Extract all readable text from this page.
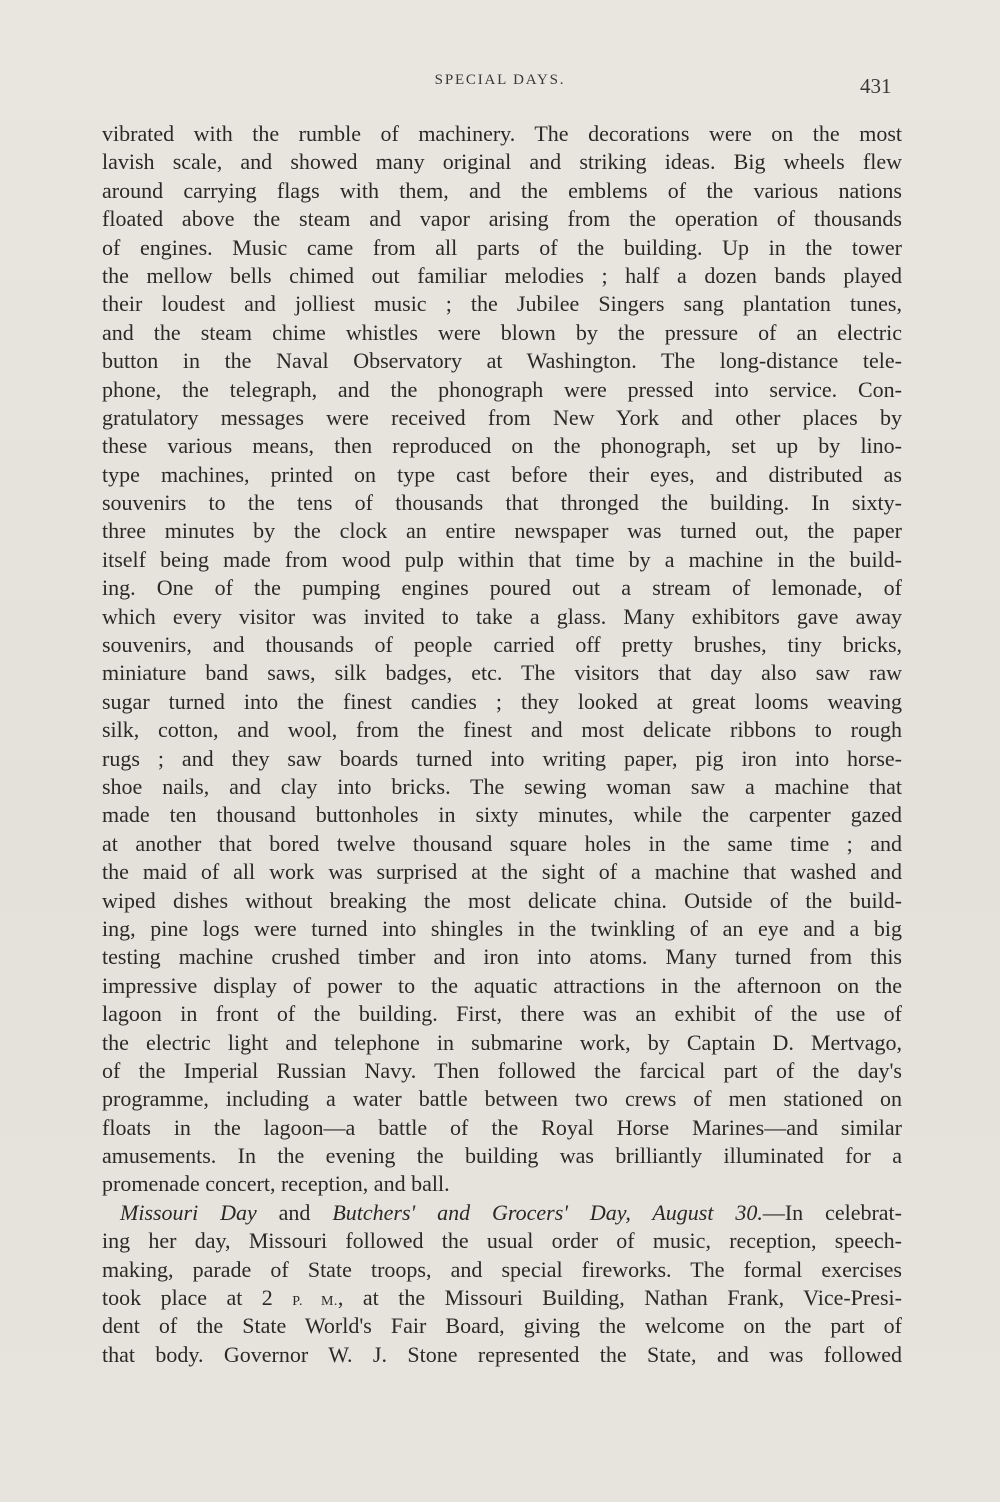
SPECIAL DAYS.	431
vibrated with the rumble of machinery. The decorations were on the most
lavish scale, and showed many original and striking ideas. Big wheels flew
around carrying flags with them, and the emblems of the various nations
floated above the steam and vapor arising from the operation of thousands
of engines. Music came from all parts of the building. Up in the tower
the mellow bells chimed out familiar melodies ; half a dozen bands played
their loudest and jolliest music ; the Jubilee Singers sang plantation tunes,
and the steam chime whistles were blown by the pressure of an electric
button in the Naval Observatory at Washington. The long-distance tele-
phone, the telegraph, and the phonograph were pressed into service. Con-
gratulatory messages were received from New York and other places by
these various means, then reproduced on the phonograph, set up by lino-
type machines, printed on type cast before their eyes, and distributed as
souvenirs to the tens of thousands that thronged the building. In sixty-
three minutes by the clock an entire newspaper was turned out, the paper
itself being made from wood pulp within that time by a machine in the build-
ing. One of the pumping engines poured out a stream of lemonade, of
which every visitor was invited to take a glass. Many exhibitors gave away
souvenirs, and thousands of people carried off pretty brushes, tiny bricks,
miniature band saws, silk badges, etc. The visitors that day also saw raw
sugar turned into the finest candies ; they looked at great looms weaving
silk, cotton, and wool, from the finest and most delicate ribbons to rough
rugs ; and they saw boards turned into writing paper, pig iron into horse-
shoe nails, and clay into bricks. The sewing woman saw a machine that
made ten thousand buttonholes in sixty minutes, while the carpenter gazed
at another that bored twelve thousand square holes in the same time ; and
the maid of all work was surprised at the sight of a machine that washed and
wiped dishes without breaking the most delicate china. Outside of the build-
ing, pine logs were turned into shingles in the twinkling of an eye and a big
testing machine crushed timber and iron into atoms. Many turned from this
impressive display of power to the aquatic attractions in the afternoon on the
lagoon in front of the building. First, there was an exhibit of the use of
the electric light and telephone in submarine work, by Captain D. Mertvago,
of the Imperial Russian Navy. Then followed the farcical part of the day's
programme, including a water battle between two crews of men stationed on
floats in the lagoon—a battle of the Royal Horse Marines—and similar
amusements. In the evening the building was brilliantly illuminated for a
promenade concert, reception, and ball.
Missouri Day and Butchers' and Grocers' Day, August 30.—In celebrat-
ing her day, Missouri followed the usual order of music, reception, speech-
making, parade of State troops, and special fireworks. The formal exercises
took place at 2 P. M., at the Missouri Building, Nathan Frank, Vice-Presi-
dent of the State World's Fair Board, giving the welcome on the part of
that body. Governor W. J. Stone represented the State, and was followed
